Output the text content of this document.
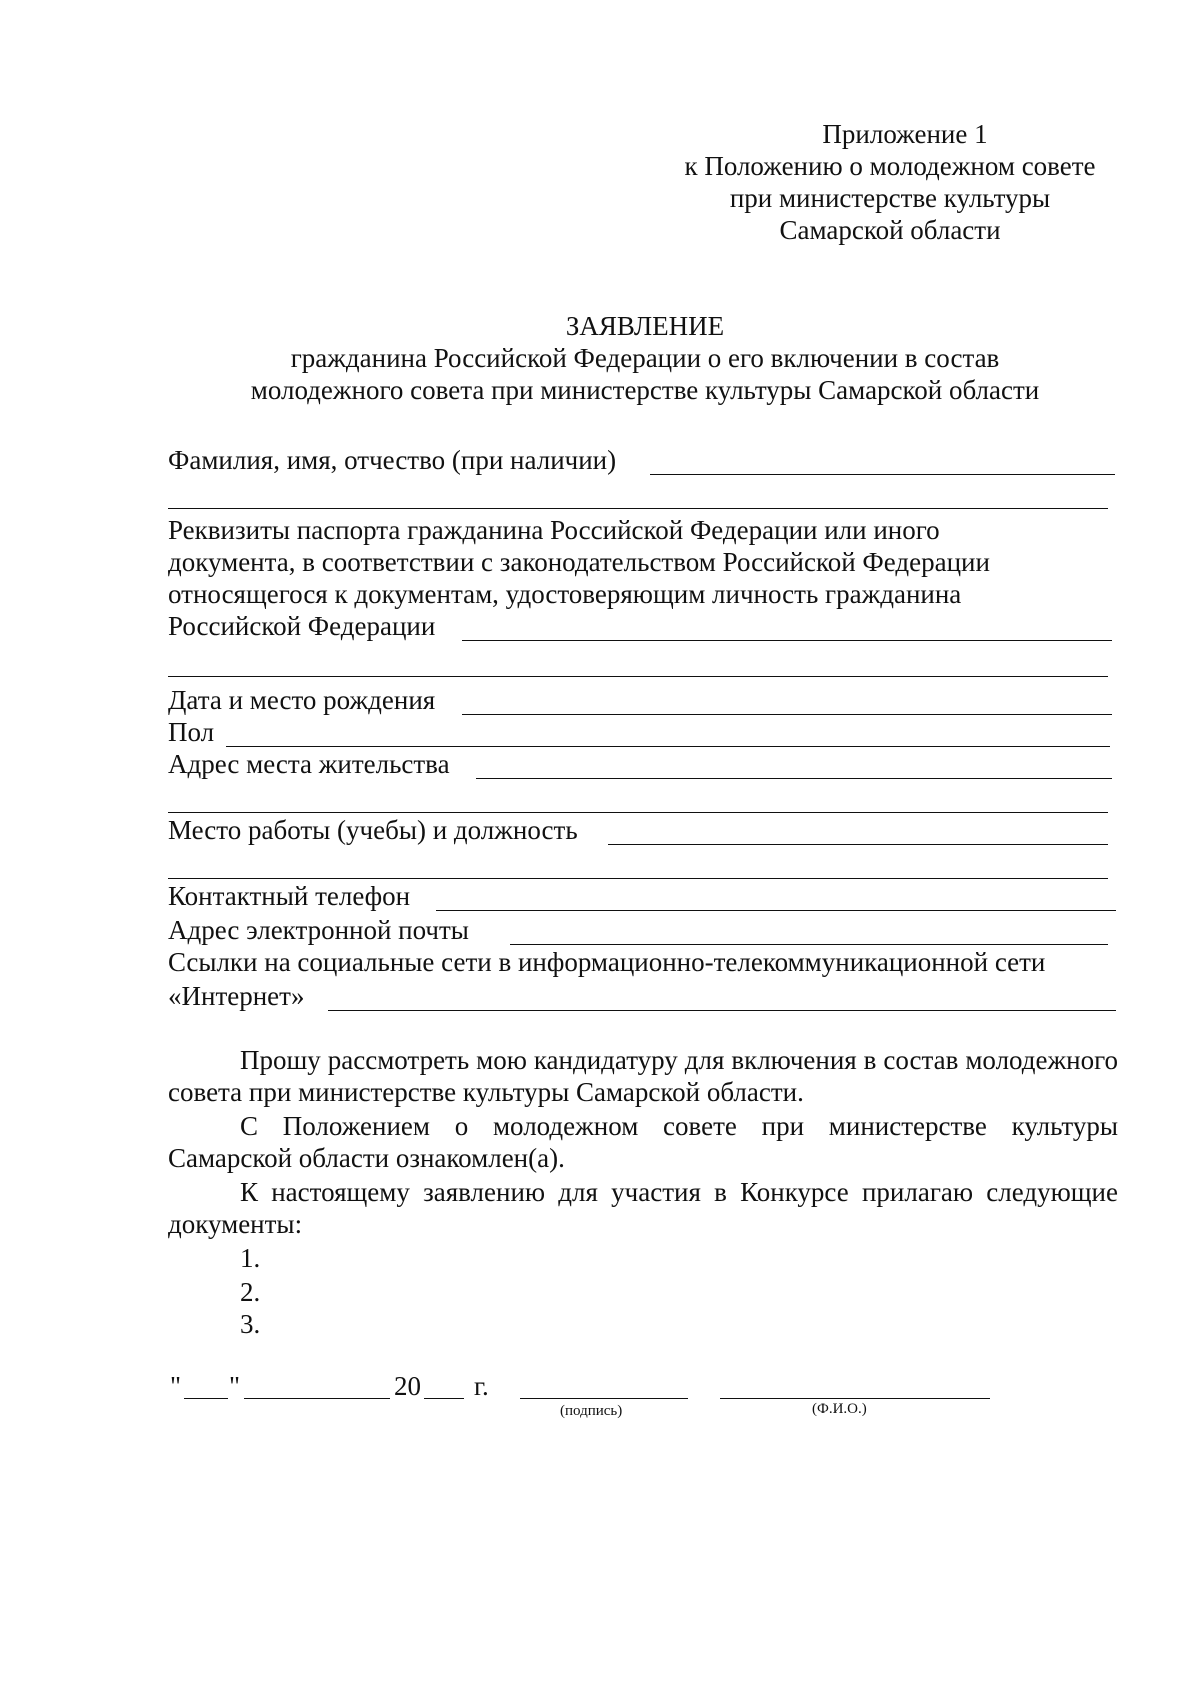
Приложение 1
к Положению о молодежном совете
при министерстве культуры
Самарской области
ЗАЯВЛЕНИЕ
гражданина Российской Федерации о его включении в состав
молодежного совета при министерстве культуры Самарской области
Фамилия, имя, отчество (при наличии)
Реквизиты паспорта гражданина Российской Федерации или иного
документа, в соответствии с законодательством Российской Федерации
относящегося к документам, удостоверяющим личность гражданина
Российской Федерации
Дата и место рождения
Пол
Адрес места жительства
Место работы (учебы) и должность
Контактный телефон
Адрес электронной почты
Ссылки на социальные сети в информационно-телекоммуникационной сети
«Интернет»
Прошу рассмотреть мою кандидатуру для включения в состав молодежного совета при министерстве культуры Самарской области.
С Положением о молодежном совете при министерстве культуры Самарской области ознакомлен(а).
К настоящему заявлению для участия в Конкурсе прилагаю следующие документы:
1.
2.
3.
" "	20 г.
(подпись)	(Ф.И.О.)
